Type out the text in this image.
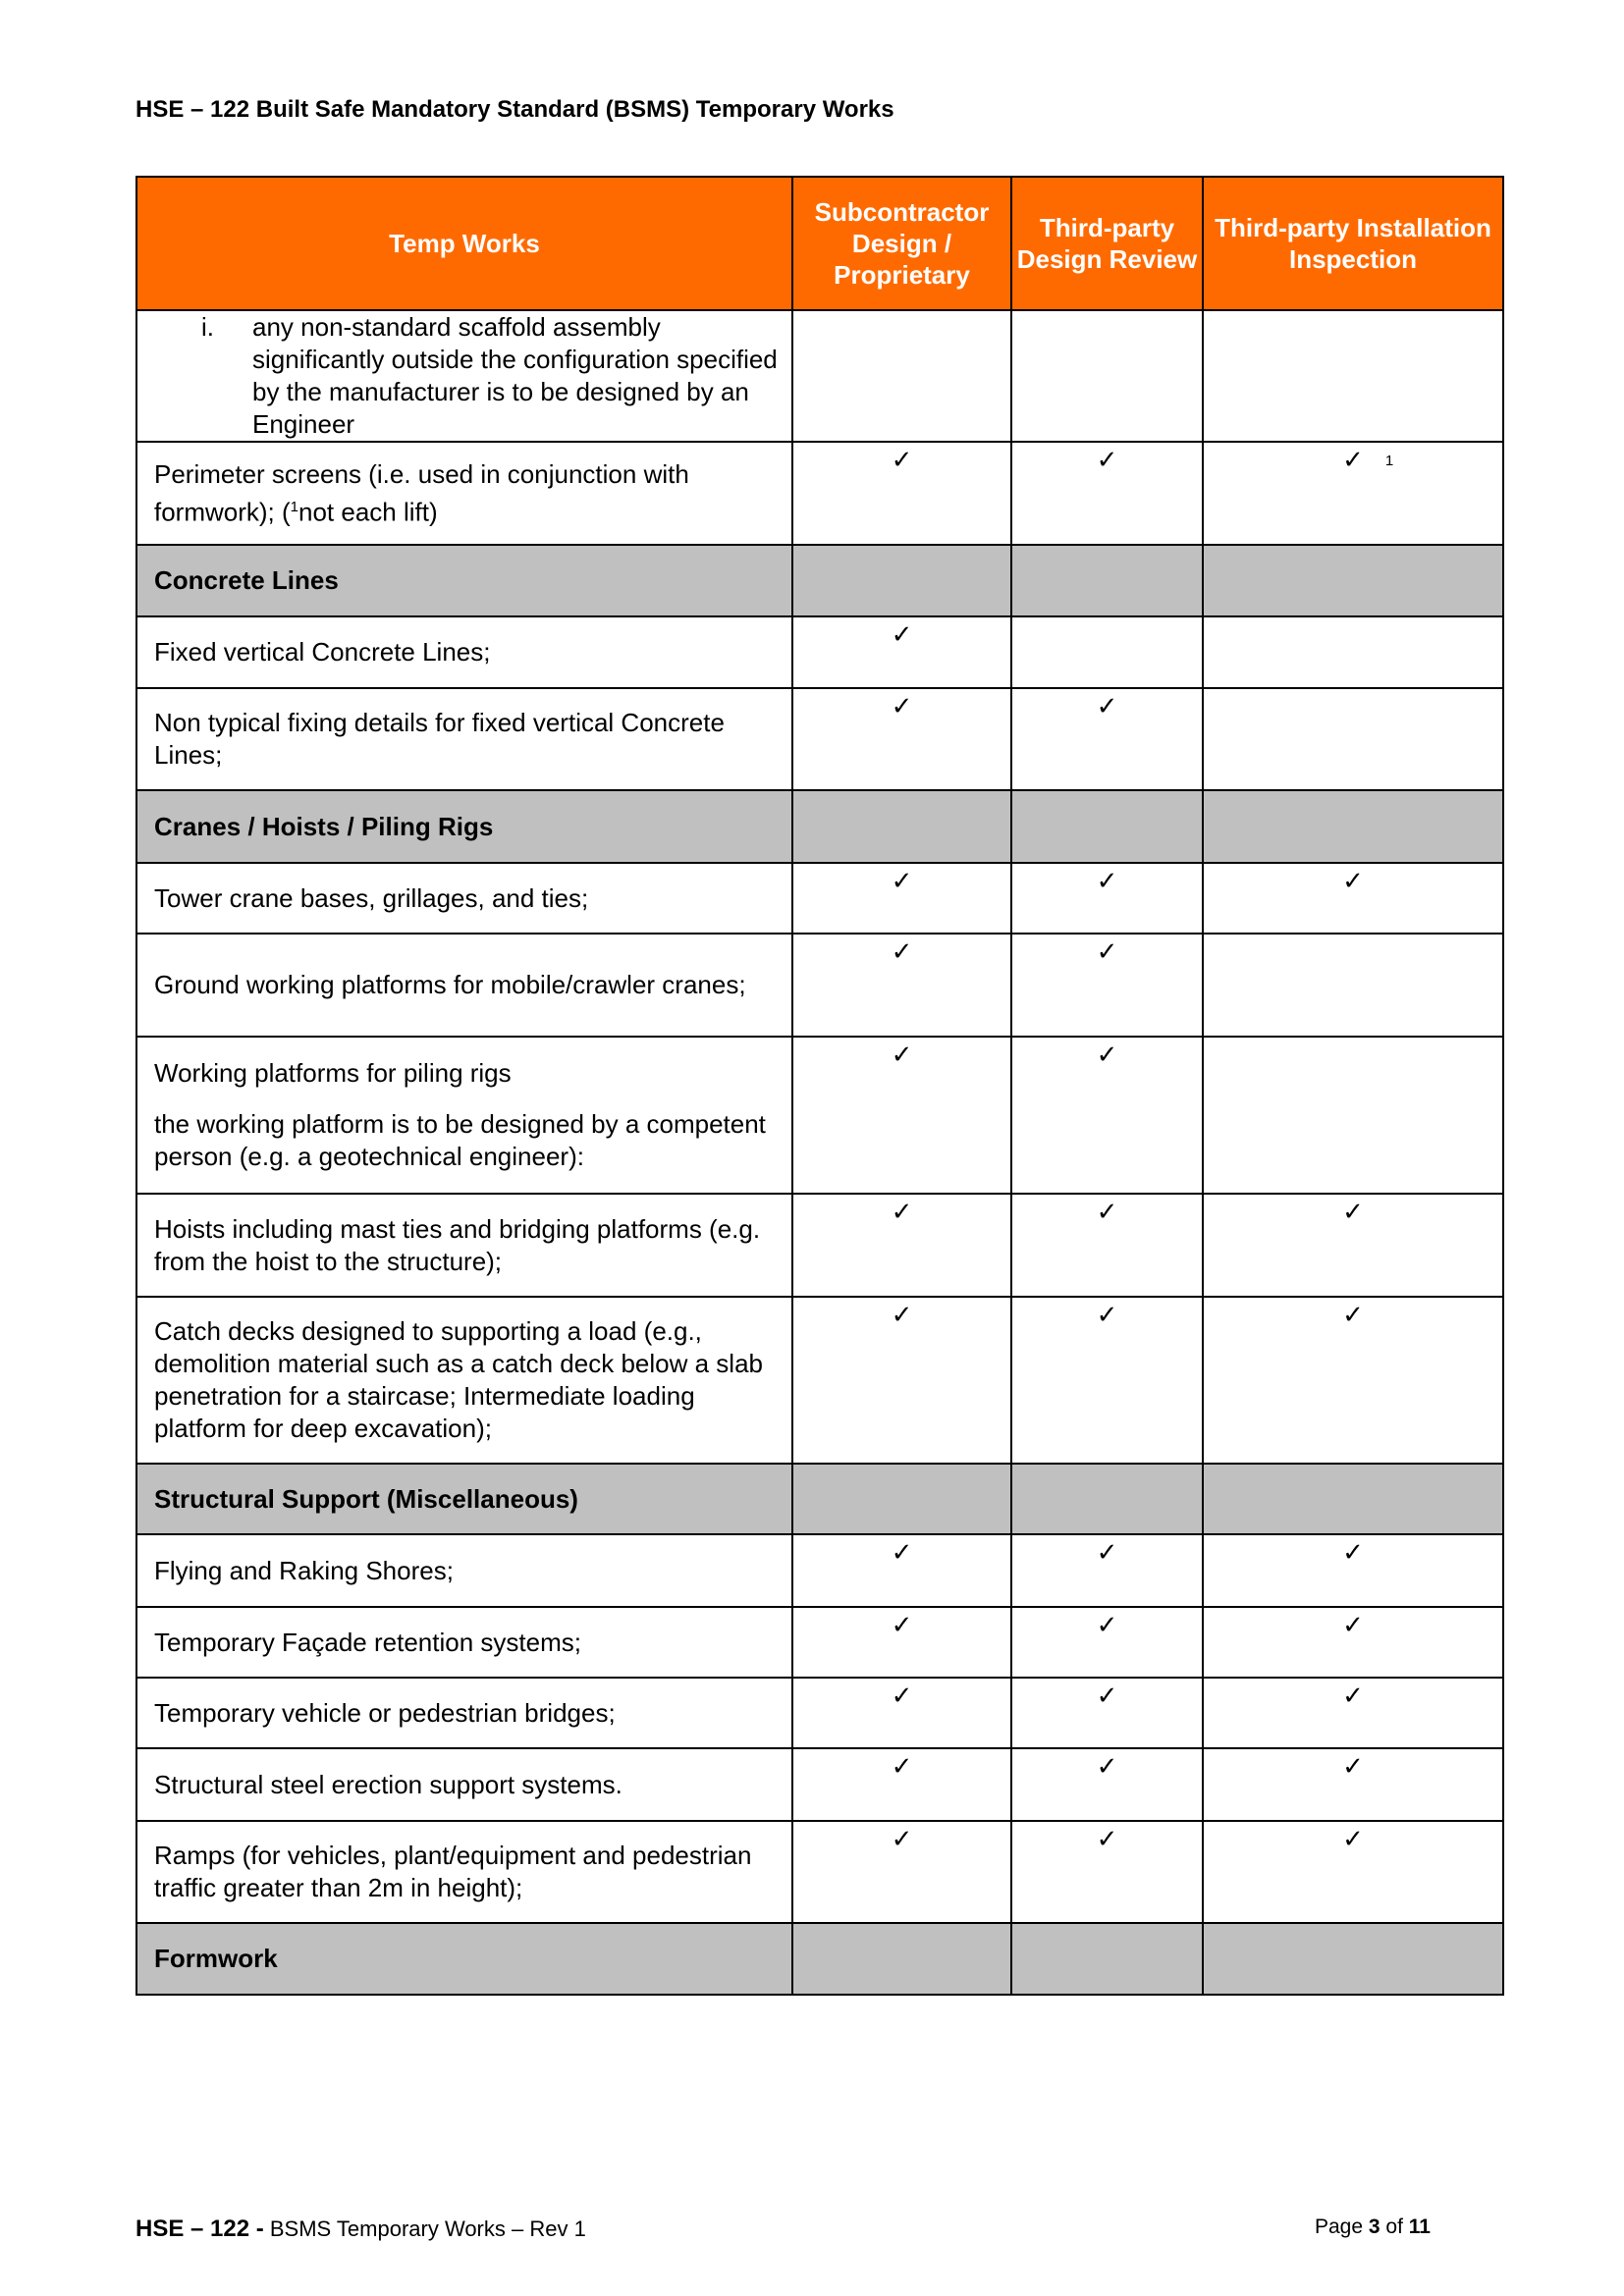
HSE – 122 Built Safe Mandatory Standard (BSMS) Temporary Works
Temp Works	Subcontractor Design / Proprietary	Third-party Design Review	Third-party Installation Inspection

i. any non-standard scaffold assembly significantly outside the configuration specified by the manufacturer is to be designed by an Engineer			

Perimeter screens (i.e. used in conjunction with formwork); ($^1$not each lift)	✓	✓	✓ 1

Concrete Lines			
Fixed vertical Concrete Lines;	✓		
Non typical fixing details for fixed vertical Concrete Lines;	✓	✓	
Cranes / Hoists / Piling Rigs			
Tower crane bases, grillages, and ties;	✓	✓	✓
Ground working platforms for mobile/crawler cranes;	✓	✓	

Working platforms for piling rigs

the working platform is to be designed by a competent person (e.g. a geotechnical engineer):	✓	✓	
Hoists including mast ties and bridging platforms (e.g. from the hoist to the structure);	✓	✓	✓
Catch decks designed to supporting a load (e.g., demolition material such as a catch deck below a slab penetration for a staircase; Intermediate loading platform for deep excavation);	✓	✓	✓
Structural Support (Miscellaneous)			
Flying and Raking Shores;	✓	✓	✓
Temporary Façade retention systems;	✓	✓	✓
Temporary vehicle or pedestrian bridges;	✓	✓	✓
Structural steel erection support systems.	✓	✓	✓
Ramps (for vehicles, plant/equipment and pedestrian traffic greater than 2m in height);	✓	✓	✓
Formwork			
HSE – 122 - BSMS Temporary Works – Rev 1	Page 3 of 11
